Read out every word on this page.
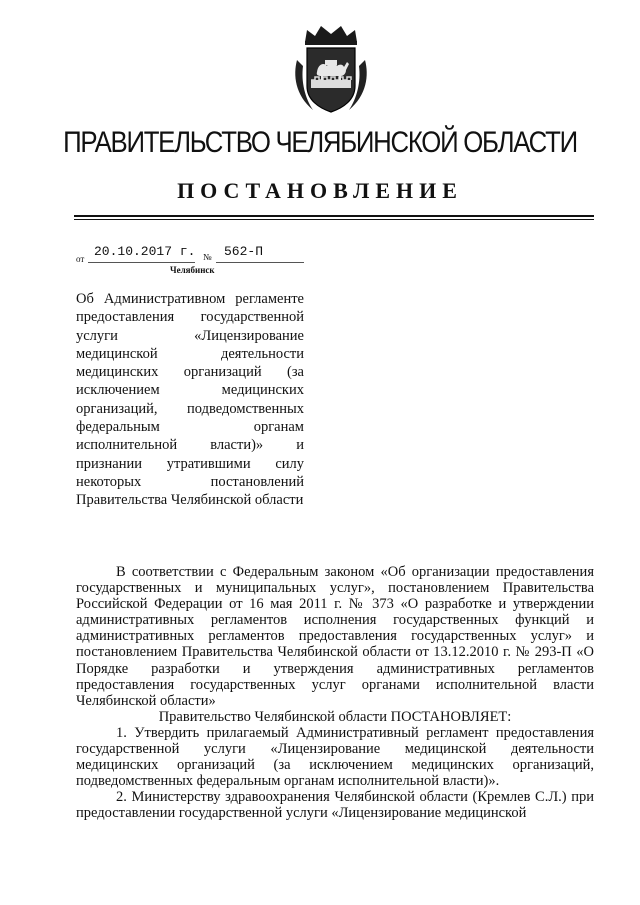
ПРАВИТЕЛЬСТВО ЧЕЛЯБИНСКОЙ ОБЛАСТИ
ПОСТАНОВЛЕНИЕ
от 20.10.2017 г. № 562-П
Челябинск
Об Административном регламенте предоставления государственной услуги «Лицензирование медицинской деятельности медицинских организаций (за исключением медицинских организаций, подведомственных федеральным органам исполнительной власти)» и признании утратившими силу некоторых постановлений Правительства Челябинской области

В соответствии с Федеральным законом «Об организации предоставления государственных и муниципальных услуг», постановлением Правительства Российской Федерации от 16 мая 2011 г. № 373 «О разработке и утверждении административных регламентов исполнения государственных функций и административных регламентов предоставления государственных услуг» и постановлением Правительства Челябинской области от 13.12.2010 г. № 293-П «О Порядке разработки и утверждения административных регламентов предоставления государственных услуг органами исполнительной власти Челябинской области»

Правительство Челябинской области ПОСТАНОВЛЯЕТ:

1. Утвердить прилагаемый Административный регламент предоставления государственной услуги «Лицензирование медицинской деятельности медицинских организаций (за исключением медицинских организаций, подведомственных федеральным органам исполнительной власти)».

2. Министерству здравоохранения Челябинской области (Кремлев С.Л.) при предоставлении государственной услуги «Лицензирование медицинской
